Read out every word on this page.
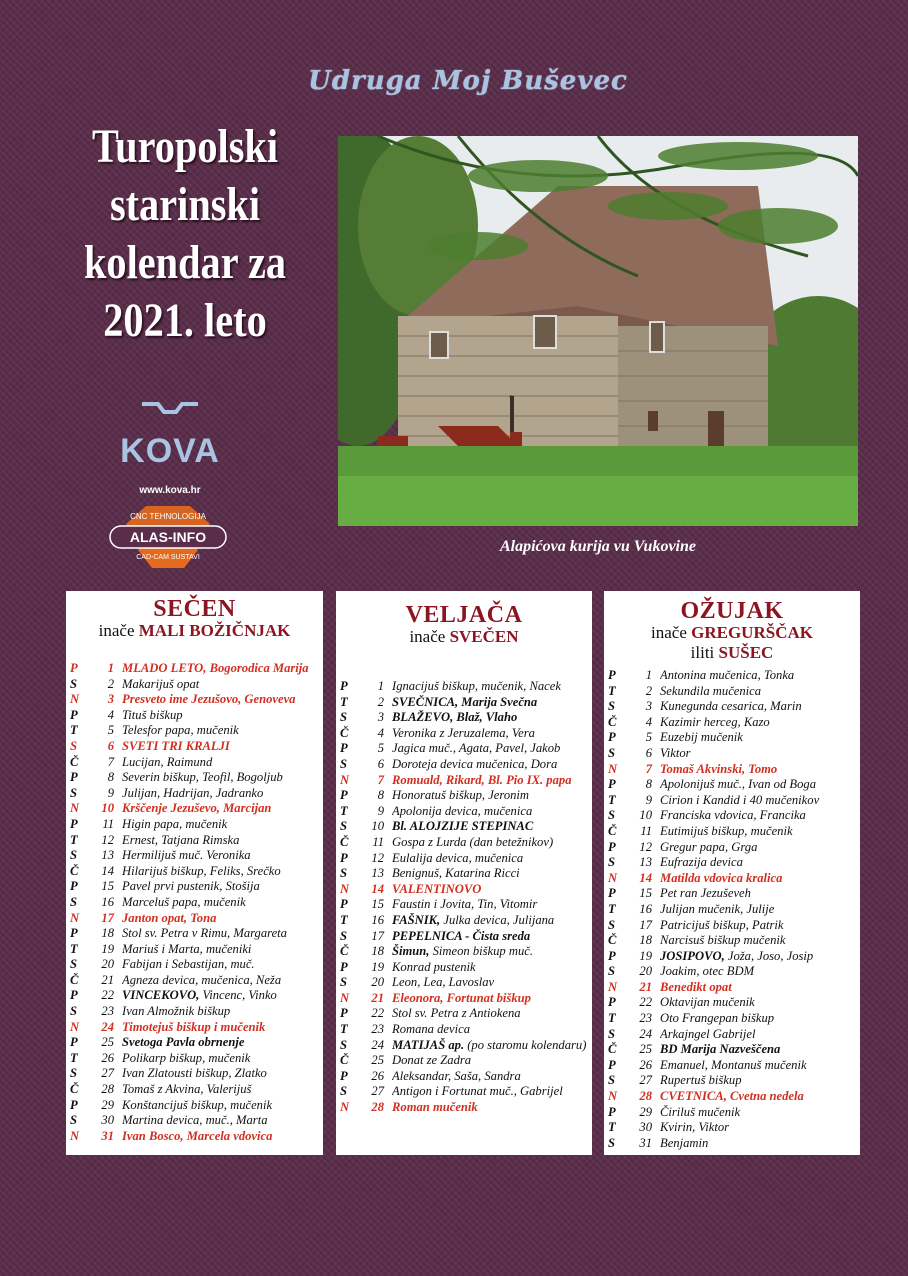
Udruga Moj Buševec
Turopolski
starinski
kolendar za
2021. leto
KOVA
www.kova.hr
ALAS-INFO
CNC TEHNOLOGIJA
CAD-CAM SUSTAVI
Alapićova kurija vu Vukovine
SEČEN
inače MALI BOŽIČNJAK
P	1 MLADO LETO, Bogorodica Marija
S	2 Makarijuš opat
N	3 Presveto ime Jezušovo, Genoveva
P	4 Tituš biškup
T	5 Telesfor papa, mučenik
S	6 SVETI TRI KRALJI
Č	7 Lucijan, Raimund
P	8 Severin biškup, Teofil, Bogoljub
S	9 Julijan, Hadrijan, Jadranko
N	10 Krščenje Jezuševo, Marcijan
P	11 Higin papa, mučenik
T	12 Ernest, Tatjana Rimska
S	13 Hermilijuš muč. Veronika
Č	14 Hilarijuš biškup, Feliks, Srečko
P	15 Pavel prvi pustenik, Stošija
S	16 Marceluš papa, mučenik
N	17 Janton opat, Tona
P	18 Stol sv. Petra v Rimu, Margareta
T	19 Mariuš i Marta, mučeniki
S	20 Fabijan i Sebastijan, muč.
Č	21 Agneza devica, mučenica, Neža
P	22 VINCEKOVO, Vincenc, Vinko
S	23 Ivan Almožnik biškup
N	24 Timotejuš biškup i mučenik
P	25 Svetoga Pavla obrnenje
T	26 Polikarp biškup, mučenik
S	27 Ivan Zlatousti biškup, Zlatko
Č	28 Tomaš z Akvina, Valerijuš
P	29 Konštancijuš biškup, mučenik
S	30 Martina devica, muč., Marta
N	31 Ivan Bosco, Marcela vdovica
VELJAČA
inače SVEČEN
P	1 Ignacijuš biškup, mučenik, Nacek
T	2 SVEČNICA, Marija Svečna
S	3 BLAŽEVO, Blaž, Vlaho
Č	4 Veronika z Jeruzalema, Vera
P	5 Jagica muč., Agata, Pavel, Jakob
S	6 Doroteja devica mučenica, Dora
N	7 Romuald, Rikard, Bl. Pio IX. papa
P	8 Honoratuš biškup, Jeronim
T	9 Apolonija devica, mučenica
S	10 Bl. ALOJZIJE STEPINAC
Č	11 Gospa z Lurda (dan betežnikov)
P	12 Eulalija devica, mučenica
S	13 Benignuš, Katarina Ricci
N	14 VALENTINOVO
P	15 Faustin i Jovita, Tin, Vitomir
T	16 FAŠNIK, Julka devica, Julijana
S	17 PEPELNICA - Čista sreda
Č	18 Šimun, Simeon biškup muč.
P	19 Konrad pustenik
S	20 Leon, Lea, Lavoslav
N	21 Eleonora, Fortunat biškup
P	22 Stol sv. Petra z Antiokena
T	23 Romana devica
S	24 MATIJAŠ ap. (po staromu kolendaru)
Č	25 Donat ze Zadra
P	26 Aleksandar, Saša, Sandra
S	27 Antigon i Fortunat muč., Gabrijel
N	28 Roman mučenik
OŽUJAK
inače GREGURŠČAK
iliti SUŠEC
P	1 Antonina mučenica, Tonka
T	2 Sekundila mučenica
S	3 Kunegunda cesarica, Marin
Č	4 Kazimir herceg, Kazo
P	5 Euzebij mučenik
S	6 Viktor
N	7 Tomaš Akvinski, Tomo
P	8 Apolonijuš muč., Ivan od Boga
T	9 Cirion i Kandid i 40 mučenikov
S	10 Franciska vdovica, Francika
Č	11 Eutimijuš biškup, mučenik
P	12 Gregur papa, Grga
S	13 Eufrazija devica
N	14 Matilda vdovica kralica
P	15 Pet ran Jezuševeh
T	16 Julijan mučenik, Julije
S	17 Patricijuš biškup, Patrik
Č	18 Narcisuš biškup mučenik
P	19 JOSIPOVO, Joža, Joso, Josip
S	20 Joakim, otec BDM
N	21 Benedikt opat
P	22 Oktavijan mučenik
T	23 Oto Frangepan biškup
S	24 Arkajngel Gabrijel
Č	25 BD Marija Nazveščena
P	26 Emanuel, Montanuš mučenik
S	27 Rupertuš biškup
N	28 CVETNICA, Cvetna nedela
P	29 Čiriluš mučenik
T	30 Kvirin, Viktor
S	31 Benjamin
